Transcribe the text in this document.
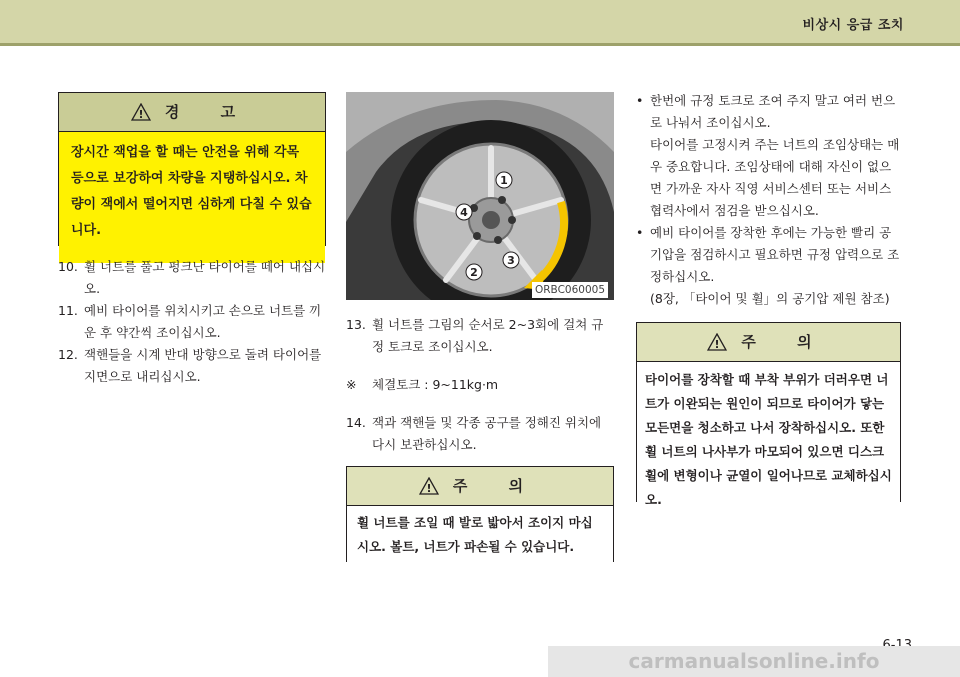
비상시 응급 조치
! 경 고
장시간 잭업을 할 때는 안전을 위해 각목 등으로 보강하여 차량을 지탱하십시오. 차량이 잭에서 떨어지면 심하게 다칠 수 있습니다.
10. 휠 너트를 풀고 펑크난 타이어를 떼어 내십시오.
11. 예비 타이어를 위치시키고 손으로 너트를 끼운 후 약간씩 조이십시오.
12. 잭핸들을 시계 반대 방향으로 돌려 타이어를 지면으로 내리십시오.
1
2
3
4
ORBC060005
13. 휠 너트를 그림의 순서로 2~3회에 걸쳐 규정 토크로 조이십시오.
※	체결토크 : 9~11kg·m
14. 잭과 잭핸들 및 각종 공구를 정해진 위치에 다시 보관하십시오.
! 주 의
휠 너트를 조일 때 발로 밟아서 조이지 마십시오. 볼트, 너트가 파손될 수 있습니다.
• 한번에 규정 토크로 조여 주지 말고 여러 번으로 나눠서 조이십시오.
타이어를 고정시켜 주는 너트의 조임상태는 매우 중요합니다. 조임상태에 대해 자신이 없으면 가까운 자사 직영 서비스센터 또는 서비스협력사에서 점검을 받으십시오.
• 예비 타이어를 장착한 후에는 가능한 빨리 공기압을 점검하시고 필요하면 규정 압력으로 조정하십시오.
(8장, 「타이어 및 휠」의 공기압 제원 참조)
! 주 의
타이어를 장착할 때 부착 부위가 더러우면 너트가 이완되는 원인이 되므로 타이어가 닿는 모든면을 청소하고 나서 장착하십시오. 또한 휠 너트의 나사부가 마모되어 있으면 디스크 휠에 변형이나 균열이 일어나므로 교체하십시오.
carmanualsonline.info
